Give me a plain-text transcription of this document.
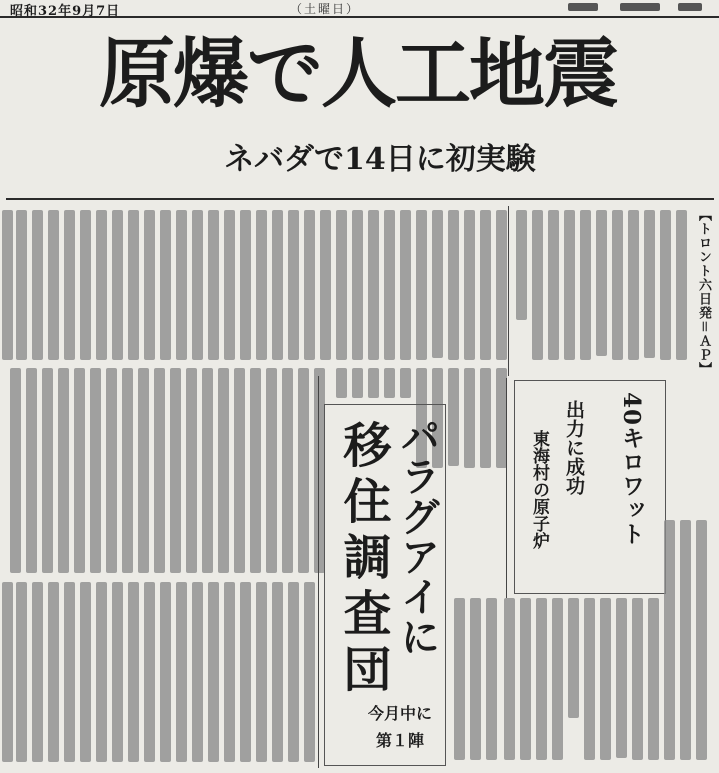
昭和32年9月7日	（土曜日）
原爆で人工地震
ネバダで14日に初実験
【トロント六日発＝ＡＰ】
40キロワット
出力に成功
東海村の原子炉
パラグアイに
移住調査団
今月中に
第１陣
